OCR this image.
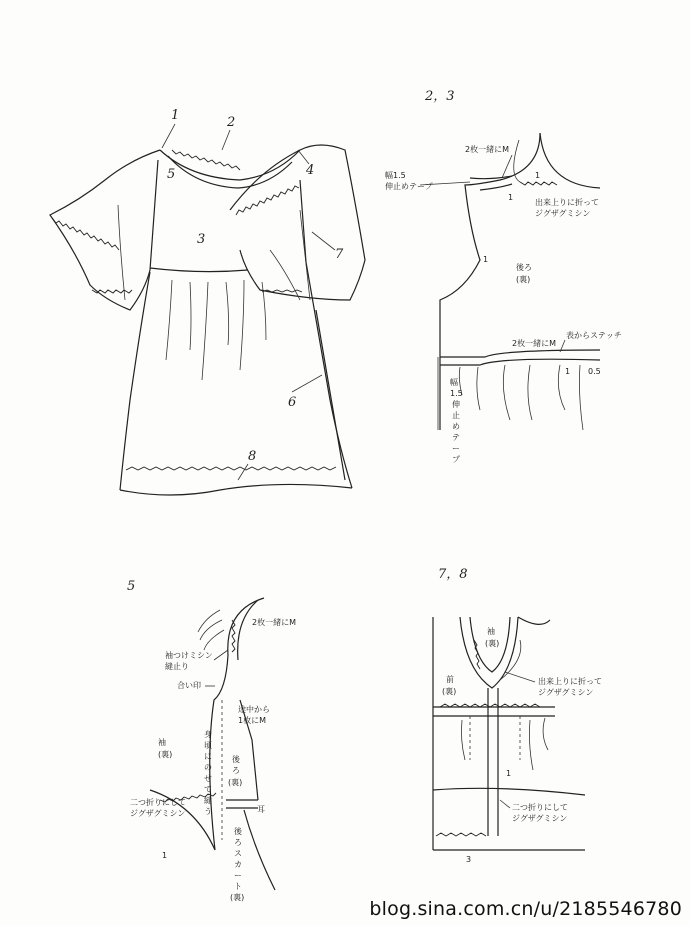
1	2
3
4
5
6
7
8
2，3
2枚一緒にM
幅1.5
伸止めテープ
出来上りに折って
ジグザグミシン
後ろ
(裏)
1
1
1
2枚一緒にM
表からステッチ
0.5
1
幅
1.5
伸
止
め
テ
ー
プ
5
2枚一緒にM
袖つけミシン
縫止り
合い印
途中から
1枚にM
袖
(裏)
身
頃
に
の
せ
て
縫
う
後
ろ
(裏)
耳
二つ折りにして
ジグザグミシン
後
ろ
ス
カ
ー
ト
(裏)
1
7，8
袖
(裏)
前
(裏)
出来上りに折って
ジグザグミシン
二つ折りにして
ジグザグミシン
1
3
blog.sina.com.cn/u/2185546780
